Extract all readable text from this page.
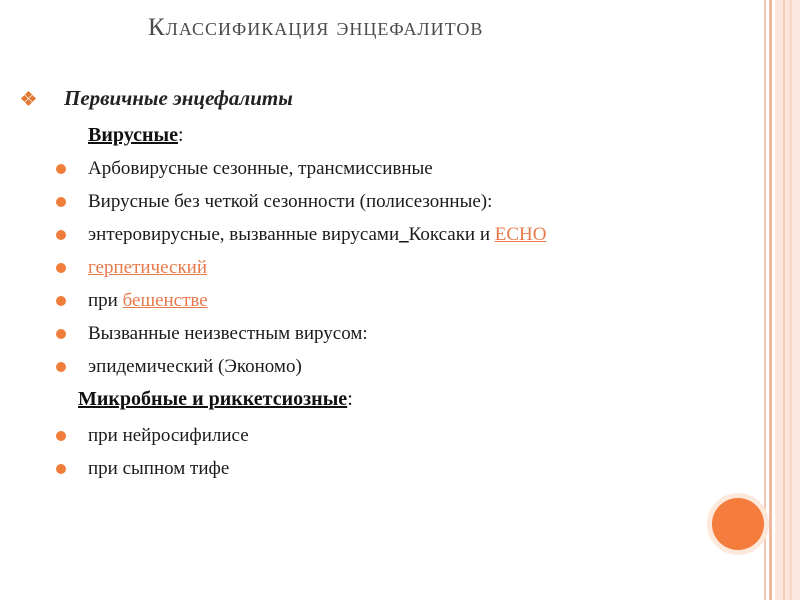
Классификация энцефалитов
Первичные энцефалиты
Вирусные:
Арбовирусные сезонные, трансмиссивные
Вирусные без четкой сезонности (полисезонные):
энтеровирусные, вызванные вирусами _ Коксаки и ECHO
герпетический
при бешенстве
Вызванные неизвестным вирусом:
эпидемический (Экономо)
Микробные и риккетсиозные:
при нейросифилисе
при сыпном тифе
